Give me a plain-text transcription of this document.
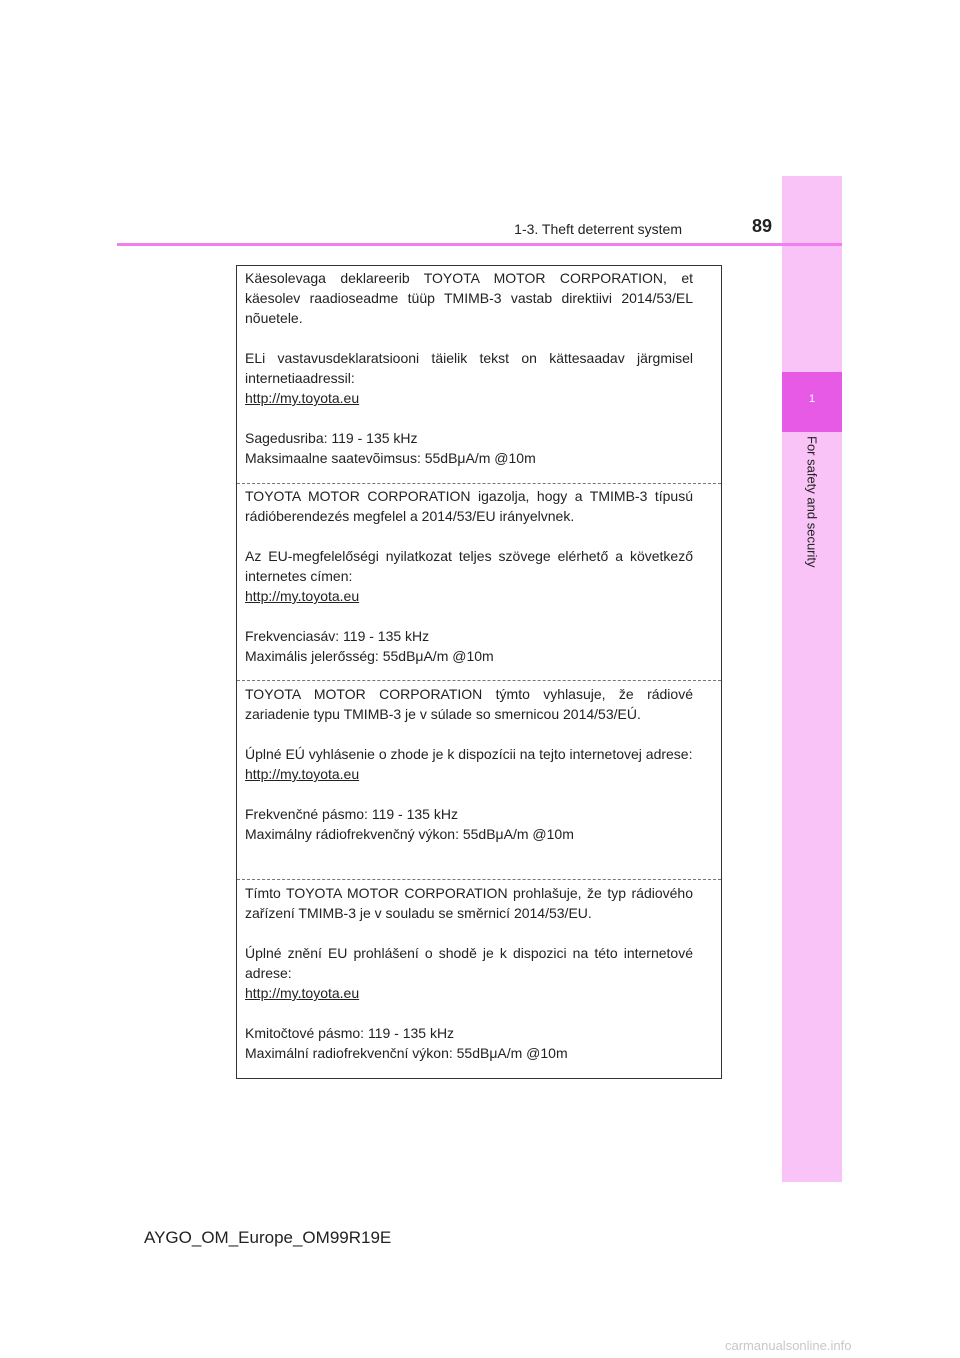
1
For safety and security
1-3. Theft deterrent system	89

Käesolevaga deklareerib TOYOTA MOTOR CORPORATION, et käesolev raadioseadme tüüp TMIMB-3 vastab direktiivi 2014/53/EL nõuetele.

ELi vastavusdeklaratsiooni täielik tekst on kättesaadav järgmisel internetiaadressil:

http://my.toyota.eu

Sagedusriba: 119 - 135 kHz

Maksimaalne saatevõimsus: 55dBμA/m @10m

TOYOTA MOTOR CORPORATION igazolja, hogy a TMIMB-3 típusú rádióberendezés megfelel a 2014/53/EU irányelvnek.

Az EU-megfelelőségi nyilatkozat teljes szövege elérhető a következő internetes címen:

http://my.toyota.eu

Frekvenciasáv: 119 - 135 kHz

Maximális jelerősség: 55dBμA/m @10m

TOYOTA MOTOR CORPORATION týmto vyhlasuje, že rádiové zariadenie typu TMIMB-3 je v súlade so smernicou 2014/53/EÚ.

Úplné EÚ vyhlásenie o zhode je k dispozícii na tejto internetovej adrese:

http://my.toyota.eu

Frekvenčné pásmo: 119 - 135 kHz

Maximálny rádiofrekvenčný výkon: 55dBμA/m @10m

Tímto TOYOTA MOTOR CORPORATION prohlašuje, že typ rádiového zařízení TMIMB-3 je v souladu se směrnicí 2014/53/EU.

Úplné znění EU prohlášení o shodě je k dispozici na této internetové adrese:

http://my.toyota.eu

Kmitočtové pásmo: 119 - 135 kHz

Maximální radiofrekvenční výkon: 55dBμA/m @10m

AYGO_OM_Europe_OM99R19E
carmanualsonline.info
